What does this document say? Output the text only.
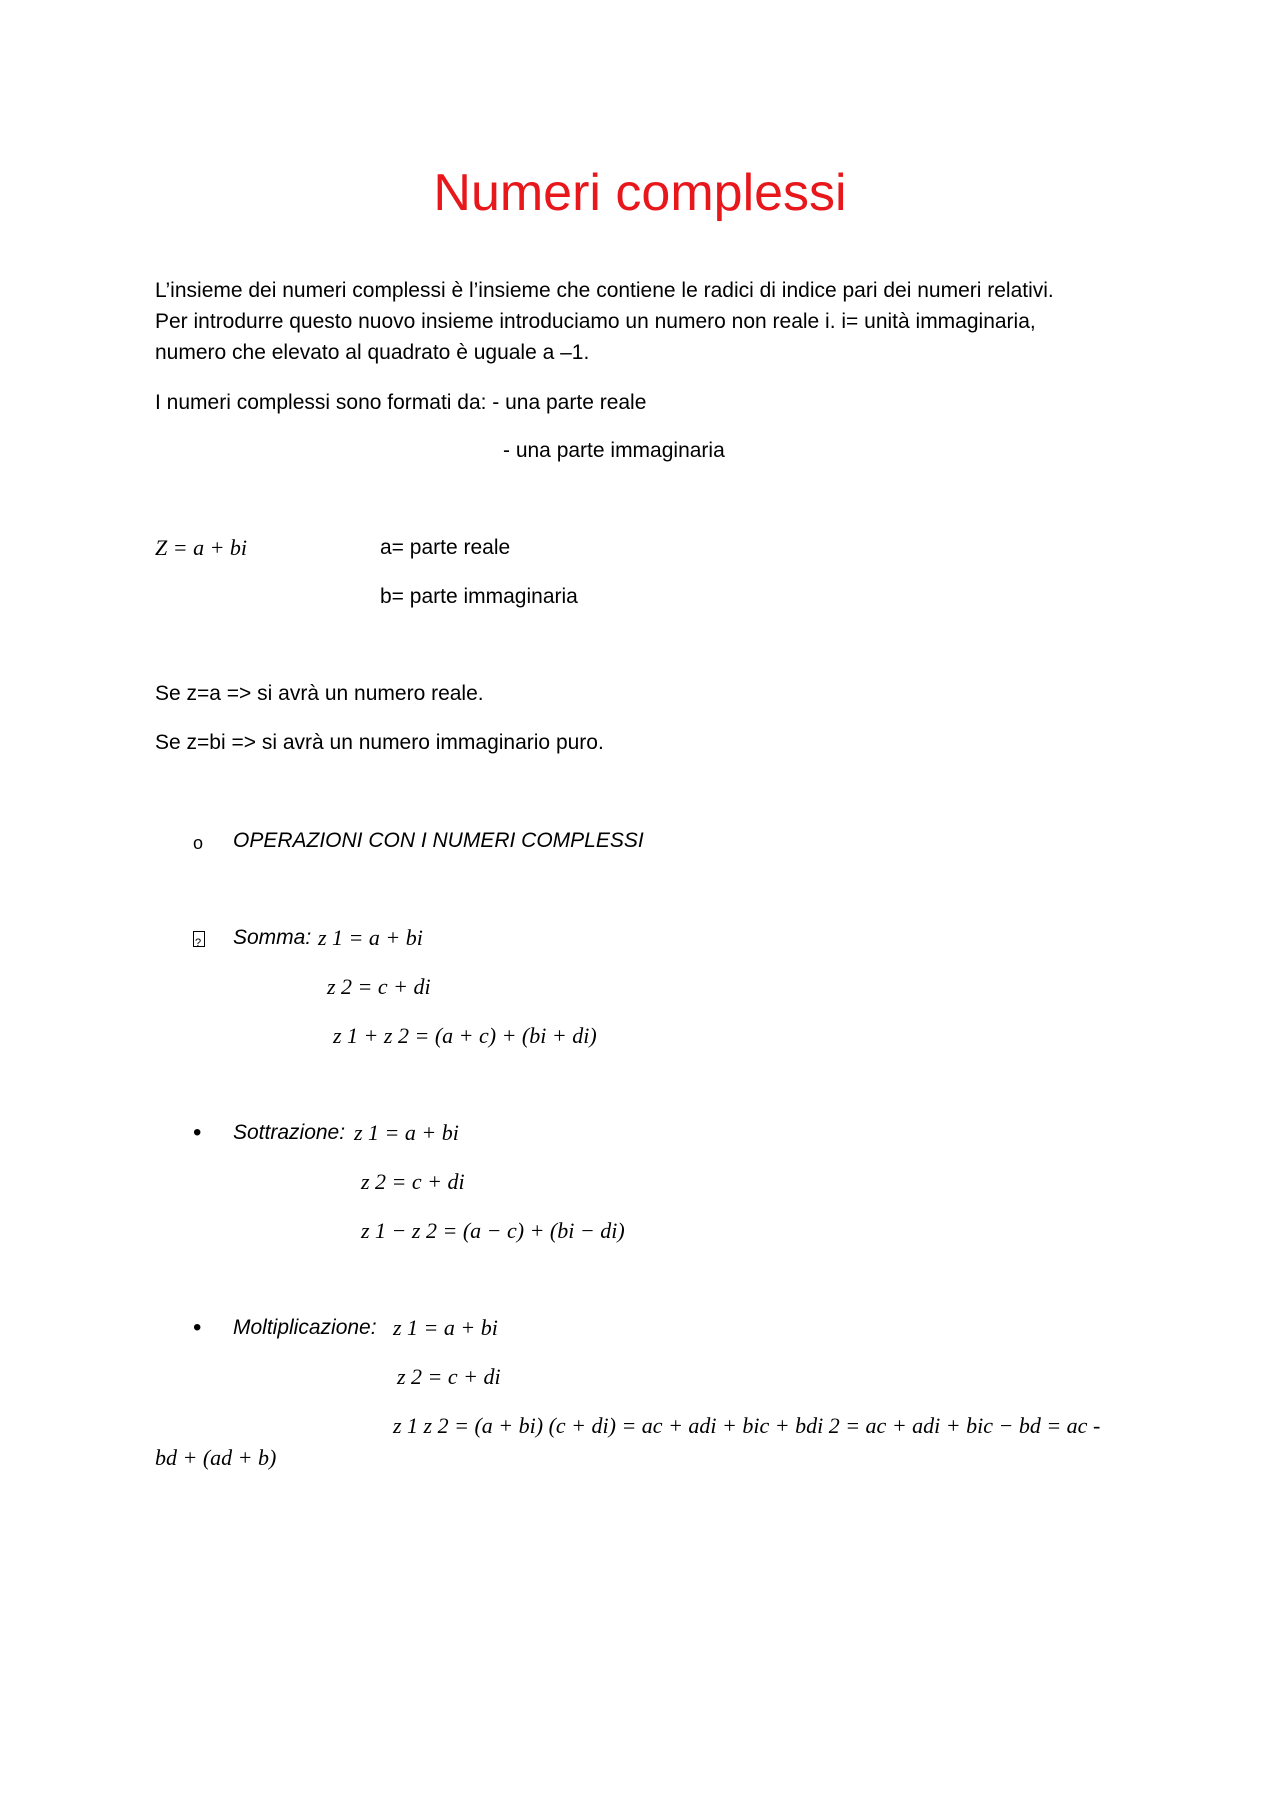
Numeri complessi
L’insieme dei numeri complessi è l’insieme che contiene le radici di indice pari dei numeri relativi.
Per introdurre questo nuovo insieme introduciamo un numero non reale i. i= unità immaginaria,
numero che elevato al quadrato è uguale a –1.
I numeri complessi sono formati da: - una parte reale
- una parte immaginaria
Z = a + bi	a= parte reale
b= parte immaginaria
Se z=a => si avrà un numero reale.
Se z=bi => si avrà un numero immaginario puro.
o OPERAZIONI CON I NUMERI COMPLESSI
?
Somma: z 1 = a + bi
z 2 = c + di
z 1 + z 2 = (a + c) + (bi + di)
• Sottrazione: z 1 = a + bi
z 2 = c + di
z 1 − z 2 = (a − c) + (bi − di)
• Moltiplicazione: z 1 = a + bi
z 2 = c + di
z 1 z 2 = (a + bi) (c + di) = ac + adi + bic + bdi 2 = ac + adi + bic − bd = ac -
bd + (ad + b)
